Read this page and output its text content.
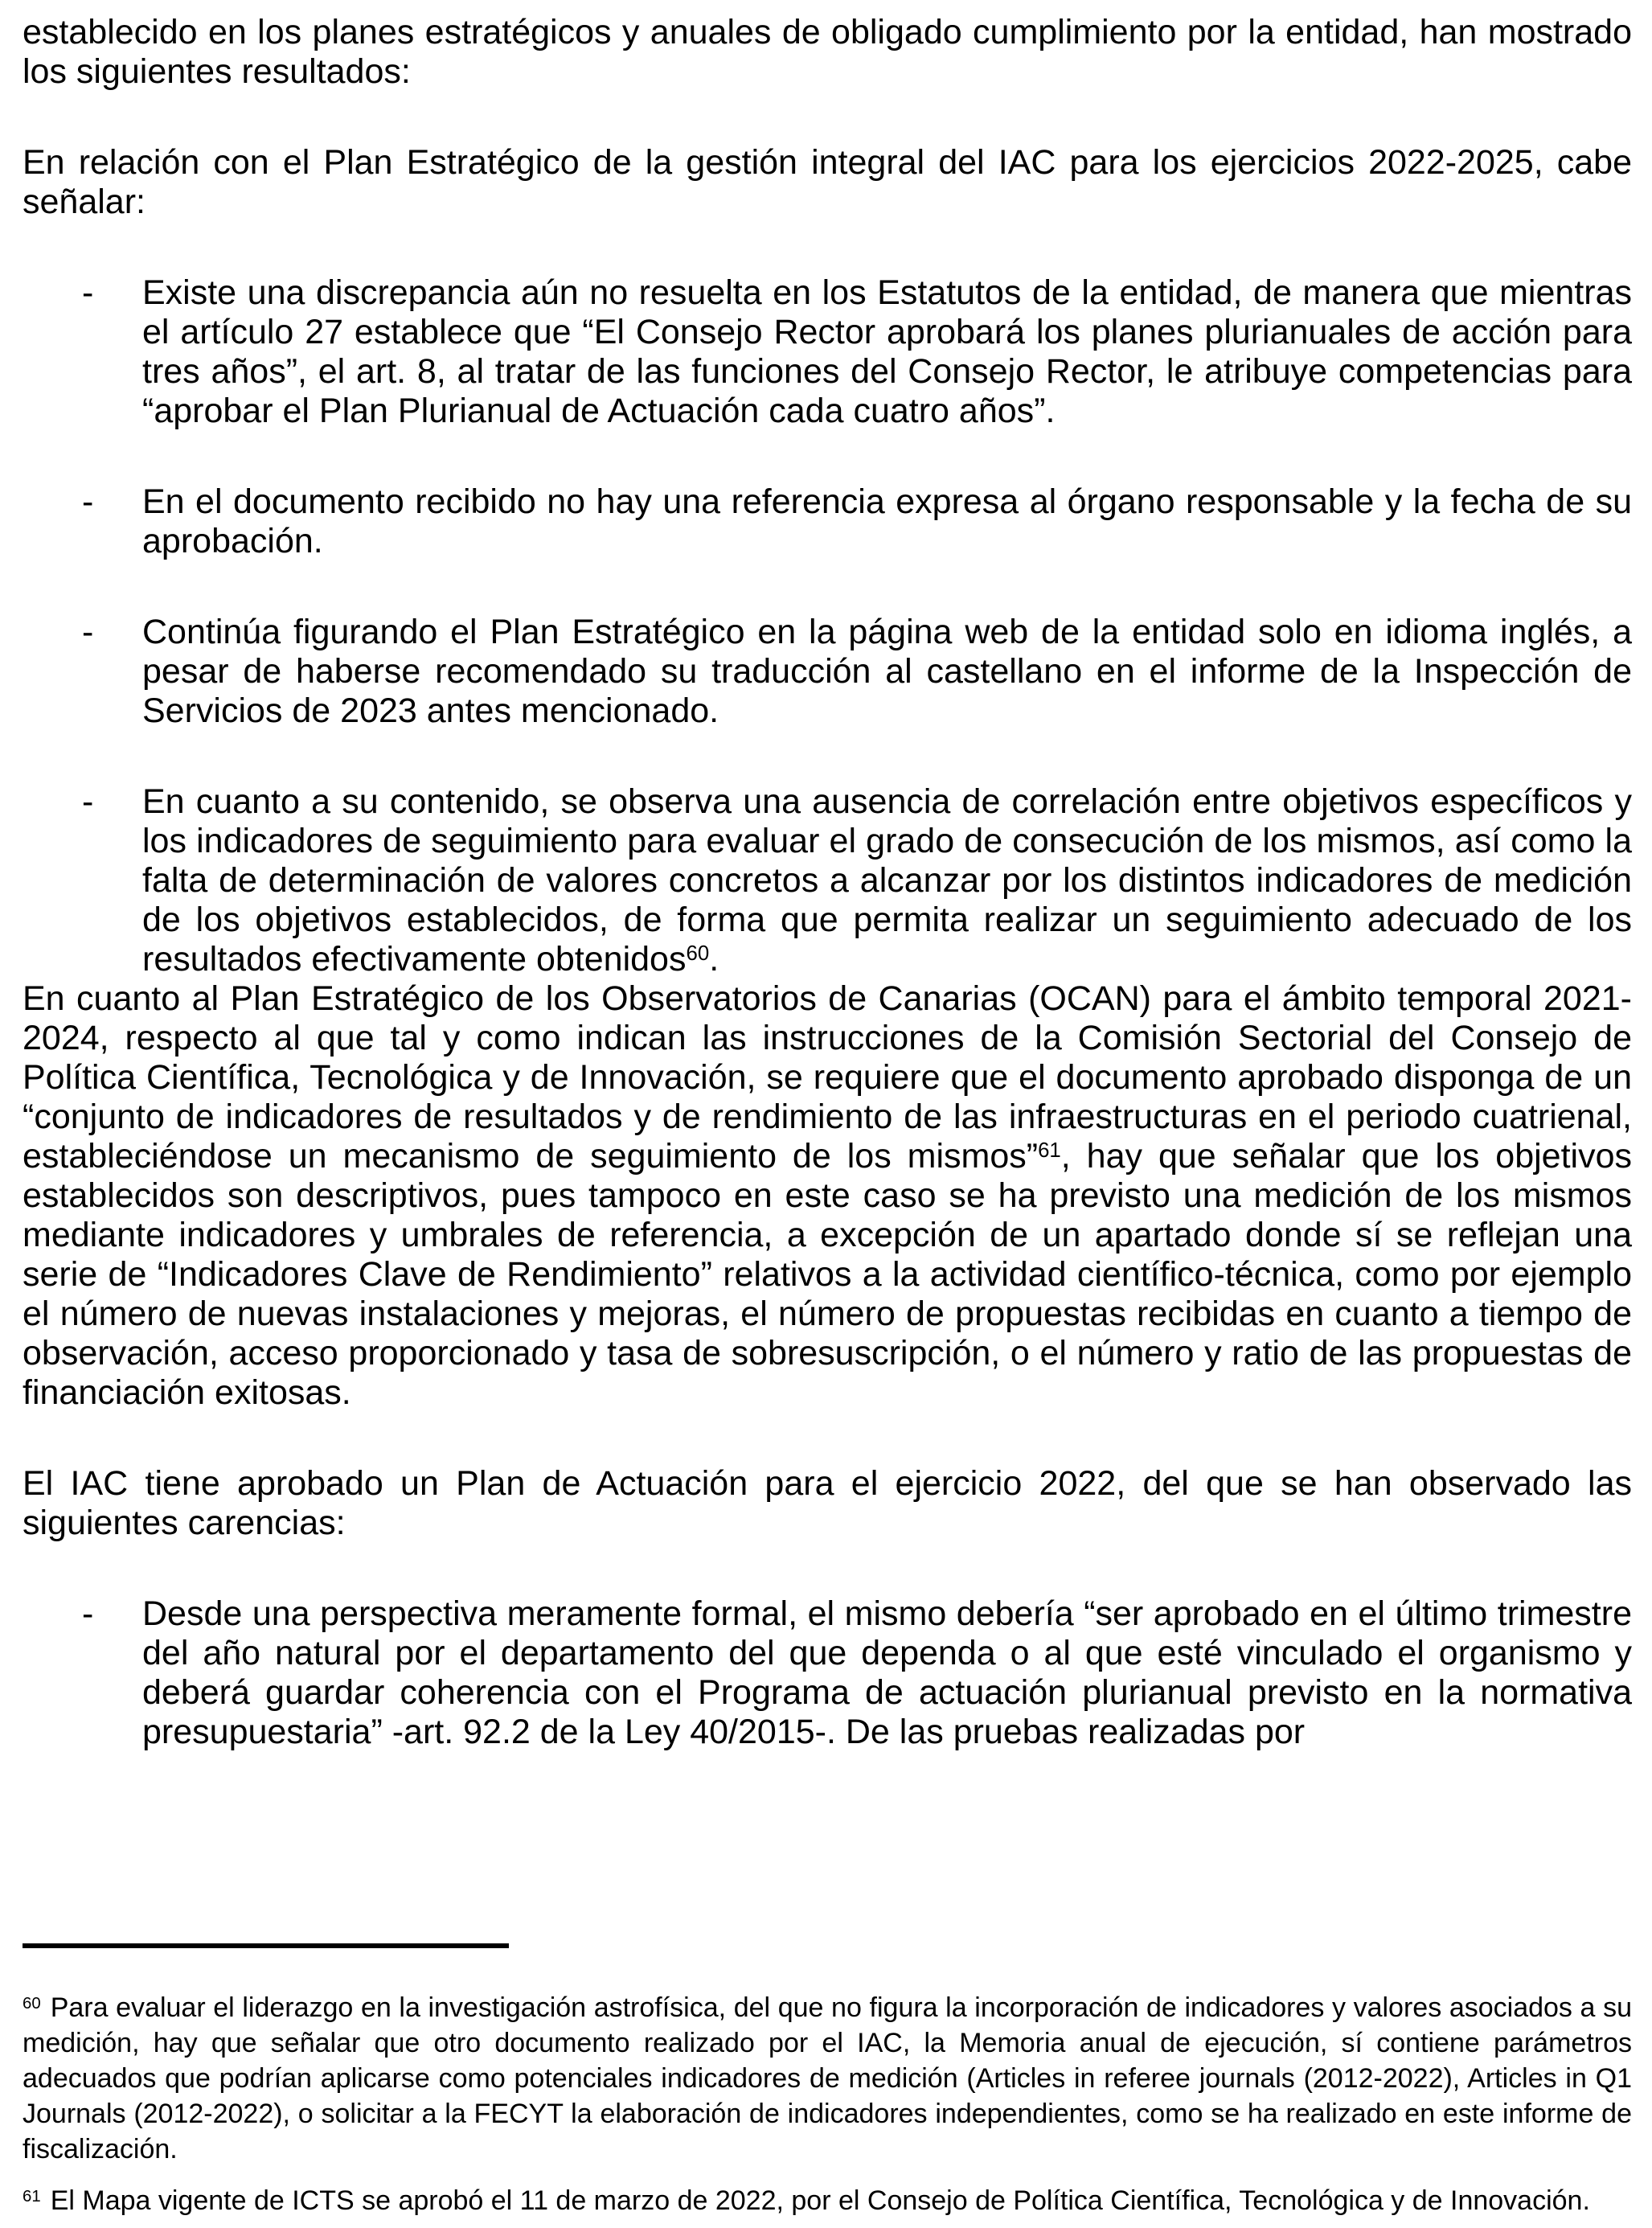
establecido en los planes estratégicos y anuales de obligado cumplimiento por la entidad, han mostrado los siguientes resultados:

En relación con el Plan Estratégico de la gestión integral del IAC para los ejercicios 2022-2025, cabe señalar:

-	Existe una discrepancia aún no resuelta en los Estatutos de la entidad, de manera que mientras el artículo 27 establece que “El Consejo Rector aprobará los planes plurianuales de acción para tres años”, el art. 8, al tratar de las funciones del Consejo Rector, le atribuye competencias para “aprobar el Plan Plurianual de Actuación cada cuatro años”.
-	En el documento recibido no hay una referencia expresa al órgano responsable y la fecha de su aprobación.
-	Continúa figurando el Plan Estratégico en la página web de la entidad solo en idioma inglés, a pesar de haberse recomendado su traducción al castellano en el informe de la Inspección de Servicios de 2023 antes mencionado.
-	En cuanto a su contenido, se observa una ausencia de correlación entre objetivos específicos y los indicadores de seguimiento para evaluar el grado de consecución de los mismos, así como la falta de determinación de valores concretos a alcanzar por los distintos indicadores de medición de los objetivos establecidos, de forma que permita realizar un seguimiento adecuado de los resultados efectivamente obtenidos$^{60}$.

En cuanto al Plan Estratégico de los Observatorios de Canarias (OCAN) para el ámbito temporal 2021-2024, respecto al que tal y como indican las instrucciones de la Comisión Sectorial del Consejo de Política Científica, Tecnológica y de Innovación, se requiere que el documento aprobado disponga de un “conjunto de indicadores de resultados y de rendimiento de las infraestructuras en el periodo cuatrienal, estableciéndose un mecanismo de seguimiento de los mismos”$^{61}$, hay que señalar que los objetivos establecidos son descriptivos, pues tampoco en este caso se ha previsto una medición de los mismos mediante indicadores y umbrales de referencia, a excepción de un apartado donde sí se reflejan una serie de “Indicadores Clave de Rendimiento” relativos a la actividad científico-técnica, como por ejemplo el número de nuevas instalaciones y mejoras, el número de propuestas recibidas en cuanto a tiempo de observación, acceso proporcionado y tasa de sobresuscripción, o el número y ratio de las propuestas de financiación exitosas.

El IAC tiene aprobado un Plan de Actuación para el ejercicio 2022, del que se han observado las siguientes carencias:

-	Desde una perspectiva meramente formal, el mismo debería “ser aprobado en el último trimestre del año natural por el departamento del que dependa o al que esté vinculado el organismo y deberá guardar coherencia con el Programa de actuación plurianual previsto en la normativa presupuestaria” -art. 92.2 de la Ley 40/2015-. De las pruebas realizadas por

$^{60}$ Para evaluar el liderazgo en la investigación astrofísica, del que no figura la incorporación de indicadores y valores asociados a su medición, hay que señalar que otro documento realizado por el IAC, la Memoria anual de ejecución, sí contiene parámetros adecuados que podrían aplicarse como potenciales indicadores de medición (Articles in referee journals (2012-2022), Articles in Q1 Journals (2012-2022), o solicitar a la FECYT la elaboración de indicadores independientes, como se ha realizado en este informe de fiscalización.

$^{61}$ El Mapa vigente de ICTS se aprobó el 11 de marzo de 2022, por el Consejo de Política Científica, Tecnológica y de Innovación.
